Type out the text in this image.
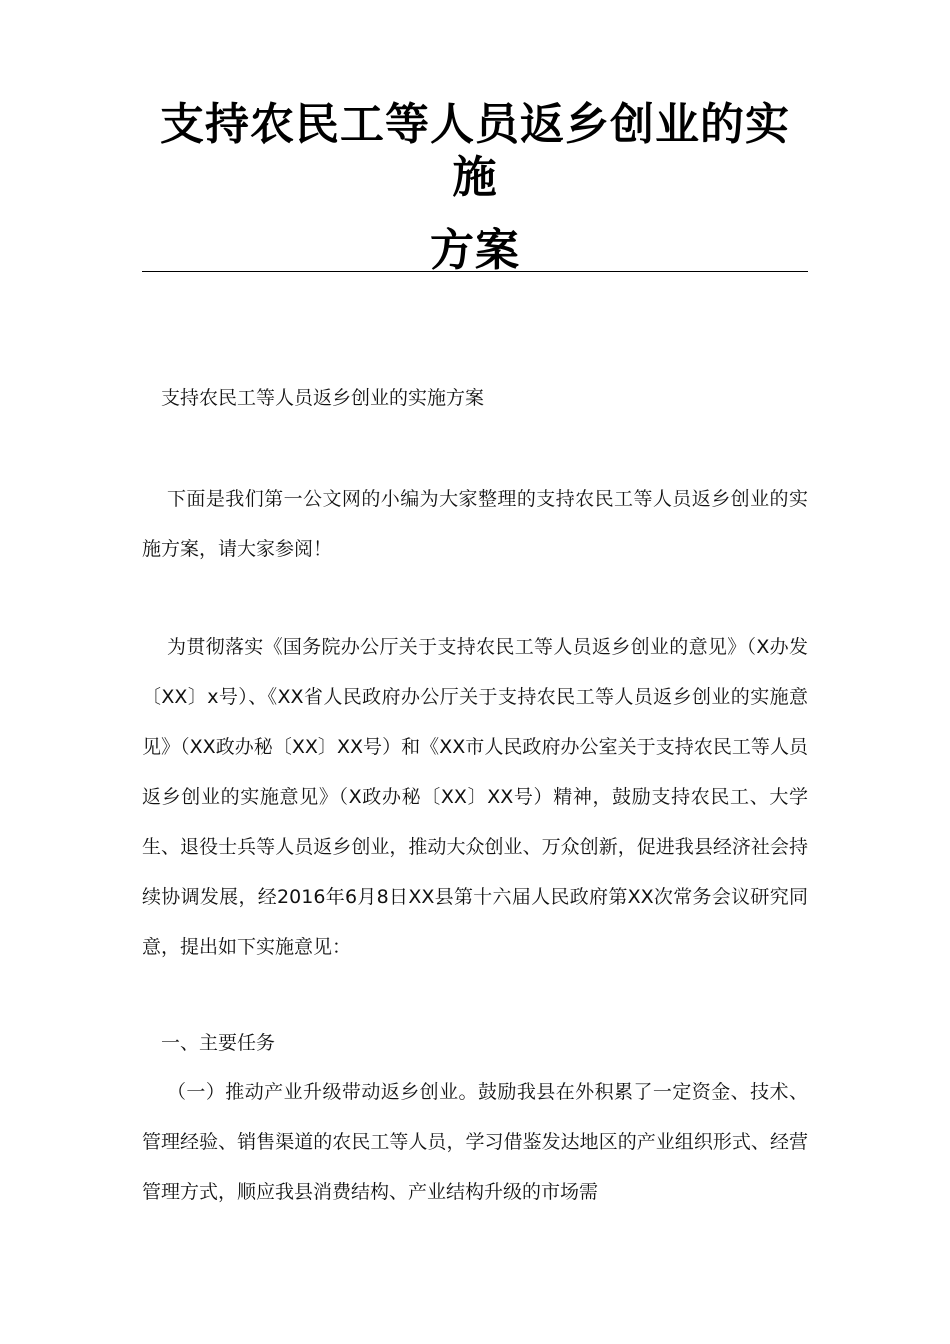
支持农民工等人员返乡创业的实
施
方案

支持农民工等人员返乡创业的实施方案

下面是我们第一公文网的小编为大家整理的支持农民工等人员返乡创业的实施方案，请大家参阅！

为贯彻落实《国务院办公厅关于支持农民工等人员返乡创业的意见》（X办发〔XX〕x号）、《XX省人民政府办公厅关于支持农民工等人员返乡创业的实施意见》（XX政办秘〔XX〕XX号）和《XX市人民政府办公室关于支持农民工等人员返乡创业的实施意见》（X政办秘〔XX〕XX号）精神，鼓励支持农民工、大学生、退役士兵等人员返乡创业，推动大众创业、万众创新，促进我县经济社会持续协调发展，经2016年6月8日XX县第十六届人民政府第XX次常务会议研究同意，提出如下实施意见：

一、主要任务

（一）推动产业升级带动返乡创业。鼓励我县在外积累了一定资金、技术、管理经验、销售渠道的农民工等人员，学习借鉴发达地区的产业组织形式、经营管理方式，顺应我县消费结构、产业结构升级的市场需
